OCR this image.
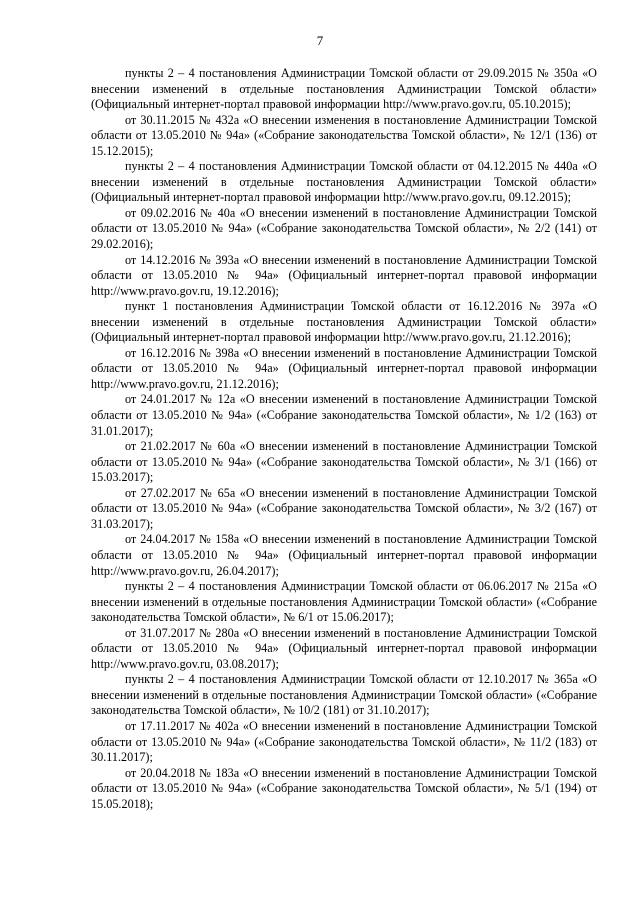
7

пункты 2 – 4 постановления Администрации Томской области от 29.09.2015 № 350а «О внесении изменений в отдельные постановления Администрации Томской области» (Официальный интернет-портал правовой информации http://www.pravo.gov.ru, 05.10.2015);

от 30.11.2015 № 432а «О внесении изменения в постановление Администрации Томской области от 13.05.2010 № 94а» («Собрание законодательства Томской области», № 12/1 (136) от 15.12.2015);

пункты 2 – 4 постановления Администрации Томской области от 04.12.2015 № 440а «О внесении изменений в отдельные постановления Администрации Томской области» (Официальный интернет-портал правовой информации http://www.pravo.gov.ru, 09.12.2015);

от 09.02.2016 № 40а «О внесении изменений в постановление Администрации Томской области от 13.05.2010 № 94а» («Собрание законодательства Томской области», № 2/2 (141) от 29.02.2016);

от 14.12.2016 № 393а «О внесении изменений в постановление Администрации Томской области от 13.05.2010 № 94а» (Официальный интернет-портал правовой информации http://www.pravo.gov.ru, 19.12.2016);

пункт 1 постановления Администрации Томской области от 16.12.2016 № 397а «О внесении изменений в отдельные постановления Администрации Томской области» (Официальный интернет-портал правовой информации http://www.pravo.gov.ru, 21.12.2016);

от 16.12.2016 № 398а «О внесении изменений в постановление Администрации Томской области от 13.05.2010 № 94а» (Официальный интернет-портал правовой информации http://www.pravo.gov.ru, 21.12.2016);

от 24.01.2017 № 12а «О внесении изменений в постановление Администрации Томской области от 13.05.2010 № 94а» («Собрание законодательства Томской области», № 1/2 (163) от 31.01.2017);

от 21.02.2017 № 60а «О внесении изменений в постановление Администрации Томской области от 13.05.2010 № 94а» («Собрание законодательства Томской области», № 3/1 (166) от 15.03.2017);

от 27.02.2017 № 65а «О внесении изменений в постановление Администрации Томской области от 13.05.2010 № 94а» («Собрание законодательства Томской области», № 3/2 (167) от 31.03.2017);

от 24.04.2017 № 158а «О внесении изменений в постановление Администрации Томской области от 13.05.2010 № 94а» (Официальный интернет-портал правовой информации http://www.pravo.gov.ru, 26.04.2017);

пункты 2 – 4 постановления Администрации Томской области от 06.06.2017 № 215а «О внесении изменений в отдельные постановления Администрации Томской области» («Собрание законодательства Томской области», № 6/1 от 15.06.2017);

от 31.07.2017 № 280а «О внесении изменений в постановление Администрации Томской области от 13.05.2010 № 94а» (Официальный интернет-портал правовой информации http://www.pravo.gov.ru, 03.08.2017);

пункты 2 – 4 постановления Администрации Томской области от 12.10.2017 № 365а «О внесении изменений в отдельные постановления Администрации Томской области» («Собрание законодательства Томской области», № 10/2 (181) от 31.10.2017);

от 17.11.2017 № 402а «О внесении изменений в постановление Администрации Томской области от 13.05.2010 № 94а» («Собрание законодательства Томской области», № 11/2 (183) от 30.11.2017);

от 20.04.2018 № 183а «О внесении изменений в постановление Администрации Томской области от 13.05.2010 № 94а» («Собрание законодательства Томской области», № 5/1 (194) от 15.05.2018);
